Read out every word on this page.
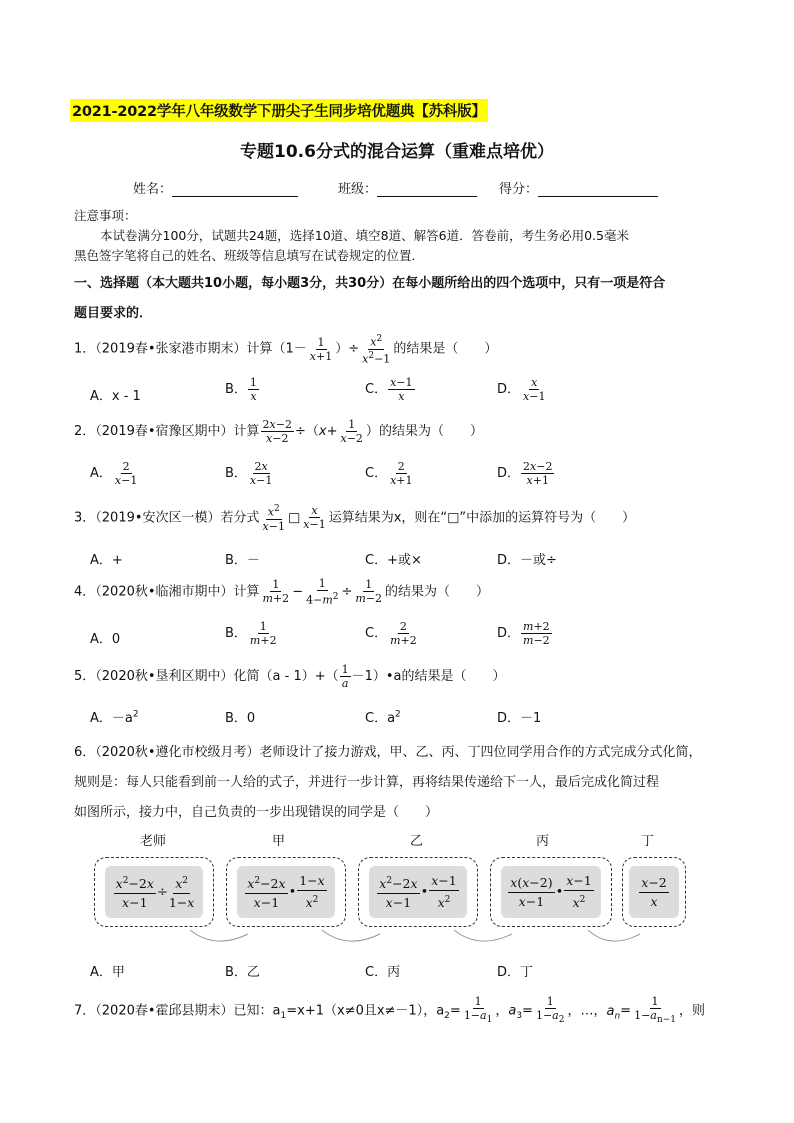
2021-2022学年八年级数学下册尖子生同步培优题典【苏科版】
专题10.6分式的混合运算（重难点培优）
姓名：	班级：	得分：
注意事项：
本试卷满分100分，试题共24题，选择10道、填空8道、解答6道．答卷前，考生务必用0.5毫米
黑色签字笔将自己的姓名、班级等信息填写在试卷规定的位置．
一、选择题（本大题共10小题，每小题3分，共30分）在每小题所给出的四个选项中，只有一项是符合
题目要求的．
1．（2019春•张家港市期末）计算（$1- \frac{1}{x+1}$ ）÷ $\frac{x^2}{x^2-1}$ 的结果是（　　）
A．x - 1	B． $\frac{1}{x}$	C． $\frac{x-1}{x}$	D． $\frac{x}{x-1}$
2．（2019春•宿豫区期中）计算 $\frac{2x-2}{x-2} \div(x+ \frac{1}{x-2}$ ）的结果为（　　）
A． $\frac{2}{x-1}$	B． $\frac{2x}{x-1}$	C． $\frac{2}{x+1}$	D． $\frac{2x-2}{x+1}$
3．（2019•安次区一模）若分式 $\frac{x^2}{x-1}$ □ $\frac{x}{x-1}$ 运算结果为x，则在“□”中添加的运算符号为（　　）
A．+	B．－	C．+或×	D．－或÷
4．（2020秋•临湘市期中）计算 $\frac{1}{m+2} - \frac{1}{4-m^2} \div \frac{1}{m-2}$ 的结果为（　　）
A．0	B． $\frac{1}{m+2}$	C． $\frac{2}{m+2}$	D． $\frac{m+2}{m-2}$
5．（2020秋•垦利区期中）化简$(a - 1)+( \frac{1}{a}$ －1）•a的结果是（　　）
A．$-a^2$	B．0	C．$a^2$	D．－1
6．（2020秋•遵化市校级月考）老师设计了接力游戏，甲、乙、丙、丁四位同学用合作的方式完成分式化简，
规则是：每人只能看到前一人给的式子，并进行一步计算，再将结果传递给下一人，最后完成化简过程
如图所示，接力中，自己负责的一步出现错误的同学是（　　）
老师	甲	乙	丙	丁
$\frac{x^2-2x}{x-1} \div \frac{x^2}{1-x}$	$\frac{x^2-2x}{x-1}$ • $\frac{1-x}{x^2}$	$\frac{x^2-2x}{x-1}$ • $\frac{x-1}{x^2}$	$\frac{x(x-2)}{x-1}$ • $\frac{x-1}{x^2}$	$\frac{x-2}{x}$
A．甲	B．乙	C．丙	D．丁
7．（2020春•霍邱县期末）已知：$a_1=x+1(x\ne 0$且x≠－1），$a_2= \frac{1}{1-a_1}$ ，$a_3= \frac{1}{1-a_2}$ ，…，$a_n= \frac{1}{1-a_{n-1}}$ ，则
